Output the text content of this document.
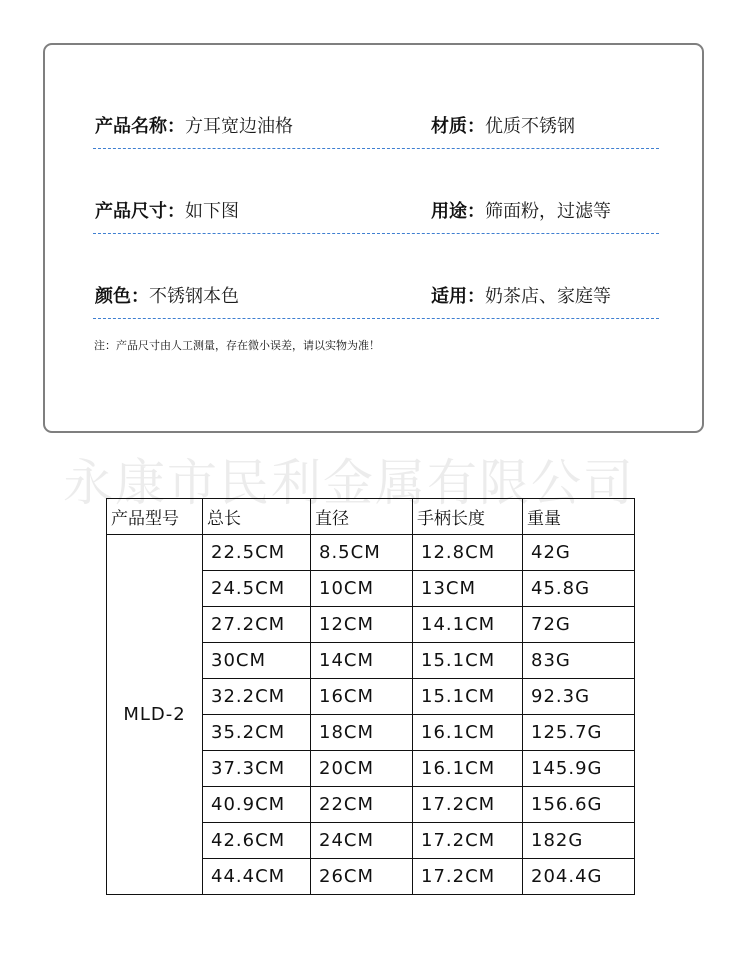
产品名称：方耳宽边油格	材质：优质不锈钢
产品尺寸：如下图	用途：筛面粉，过滤等
颜色：不锈钢本色	适用：奶茶店、家庭等
注：产品尺寸由人工测量，存在微小误差，请以实物为准！
永康市民利金属有限公司
产品型号	总长	直径	手柄长度	重量
MLD-2	22.5CM	8.5CM	12.8CM	42G
	24.5CM	10CM	13CM	45.8G
	27.2CM	12CM	14.1CM	72G
	30CM	14CM	15.1CM	83G
	32.2CM	16CM	15.1CM	92.3G
	35.2CM	18CM	16.1CM	125.7G
	37.3CM	20CM	16.1CM	145.9G
	40.9CM	22CM	17.2CM	156.6G
	42.6CM	24CM	17.2CM	182G
	44.4CM	26CM	17.2CM	204.4G
